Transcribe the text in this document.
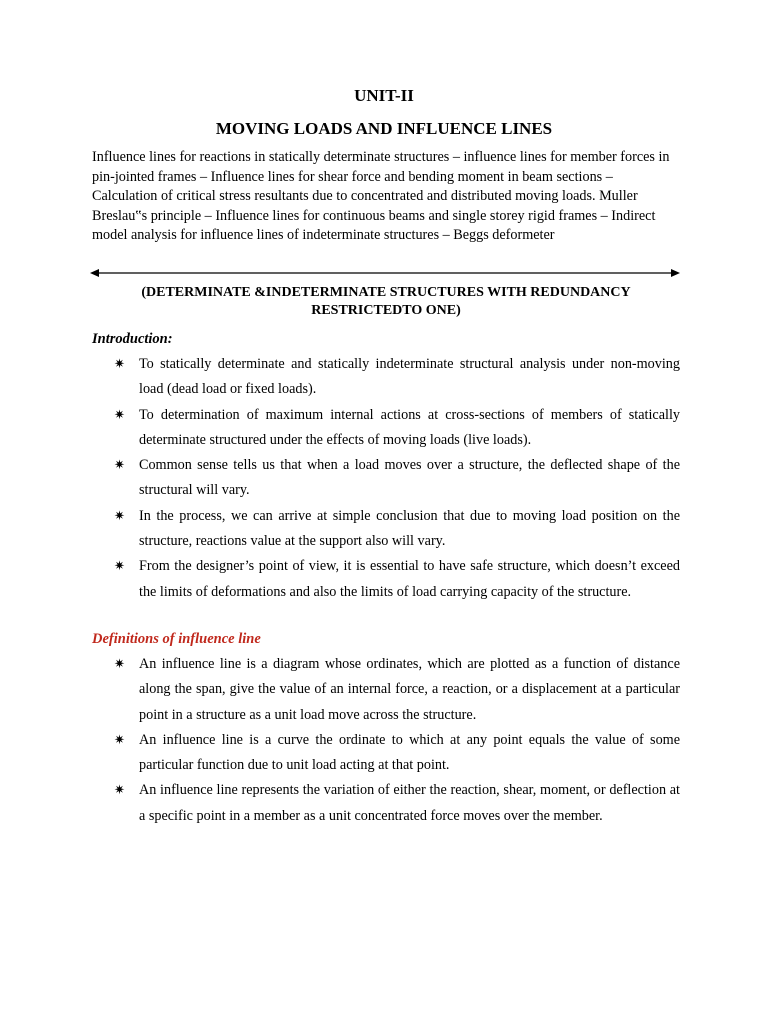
UNIT-II
MOVING LOADS AND INFLUENCE LINES
Influence lines for reactions in statically determinate structures – influence lines for member forces in pin-jointed frames – Influence lines for shear force and bending moment in beam sections – Calculation of critical stress resultants due to concentrated and distributed moving loads. Muller Breslau‟s principle – Influence lines for continuous beams and single storey rigid frames – Indirect model analysis for influence lines of indeterminate structures – Beggs deformeter
(DETERMINATE &INDETERMINATE STRUCTURES WITH REDUNDANCY RESTRICTEDTO ONE)
Introduction:
✷ To statically determinate and statically indeterminate structural analysis under non-moving load (dead load or fixed loads).
✷ To determination of maximum internal actions at cross-sections of members of statically determinate structured under the effects of moving loads (live loads).
✷ Common sense tells us that when a load moves over a structure, the deflected shape of the structural will vary.
✷ In the process, we can arrive at simple conclusion that due to moving load position on the structure, reactions value at the support also will vary.
✷ From the designer’s point of view, it is essential to have safe structure, which doesn’t exceed the limits of deformations and also the limits of load carrying capacity of the structure.
Definitions of influence line
✷ An influence line is a diagram whose ordinates, which are plotted as a function of distance along the span, give the value of an internal force, a reaction, or a displacement at a particular point in a structure as a unit load move across the structure.
✷ An influence line is a curve the ordinate to which at any point equals the value of some particular function due to unit load acting at that point.
✷ An influence line represents the variation of either the reaction, shear, moment, or deflection at a specific point in a member as a unit concentrated force moves over the member.
